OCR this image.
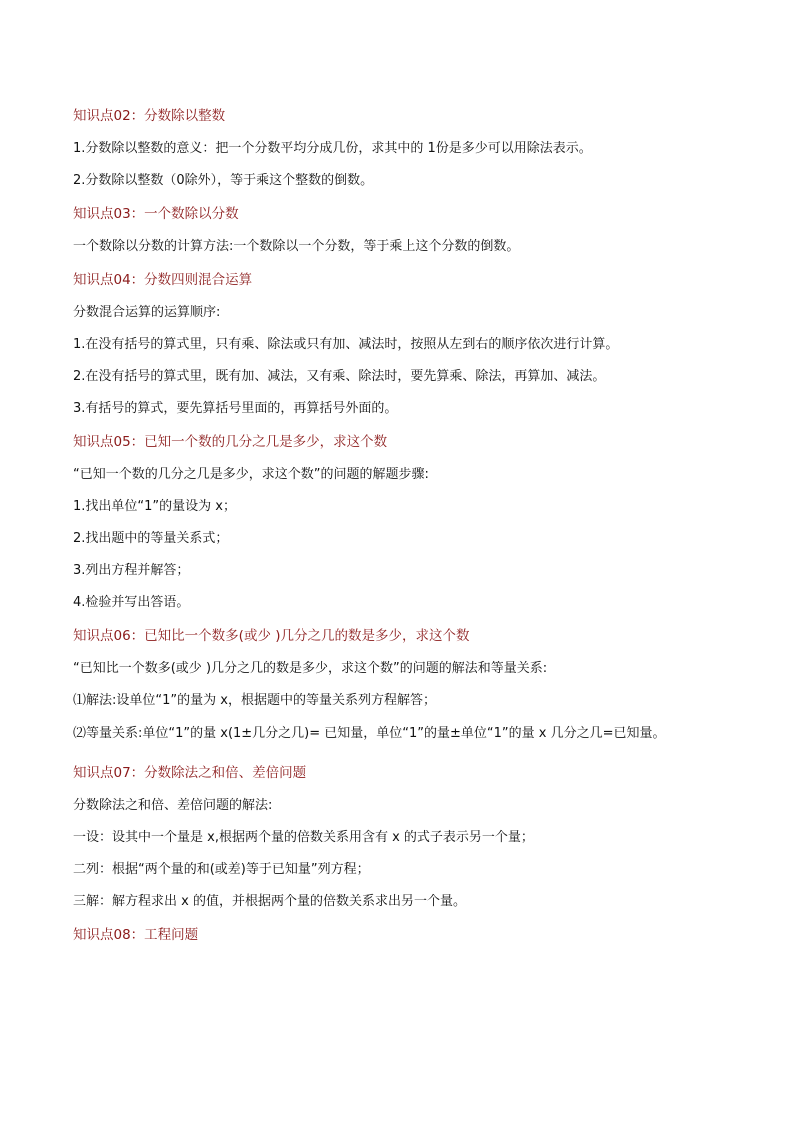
知识点02：分数除以整数

1.分数除以整数的意义：把一个分数平均分成几份，求其中的 1份是多少可以用除法表示。

2.分数除以整数（0除外），等于乘这个整数的倒数。

知识点03：一个数除以分数

一个数除以分数的计算方法:一个数除以一个分数，等于乘上这个分数的倒数。

知识点04：分数四则混合运算

分数混合运算的运算顺序:

1.在没有括号的算式里，只有乘、除法或只有加、减法时，按照从左到右的顺序依次进行计算。

2.在没有括号的算式里，既有加、减法，又有乘、除法时，要先算乘、除法，再算加、减法。

3.有括号的算式，要先算括号里面的，再算括号外面的。

知识点05：已知一个数的几分之几是多少，求这个数

“已知一个数的几分之几是多少，求这个数”的问题的解题步骤:

1.找出单位“1”的量设为 x；

2.找出题中的等量关系式；

3.列出方程并解答；

4.检验并写出答语。

知识点06：已知比一个数多(或少 )几分之几的数是多少，求这个数

“已知比一个数多(或少 )几分之几的数是多少，求这个数”的问题的解法和等量关系:

⑴解法:设单位“1”的量为 x，根据题中的等量关系列方程解答；

⑵等量关系:单位“1”的量 x(1±几分之几)= 已知量，单位“1”的量±单位“1”的量 x 几分之几=已知量。

知识点07：分数除法之和倍、差倍问题

分数除法之和倍、差倍问题的解法:

一设：设其中一个量是 x,根据两个量的倍数关系用含有 x 的式子表示另一个量；

二列：根据“两个量的和(或差)等于已知量”列方程；

三解：解方程求出 x 的值，并根据两个量的倍数关系求出另一个量。

知识点08：工程问题
